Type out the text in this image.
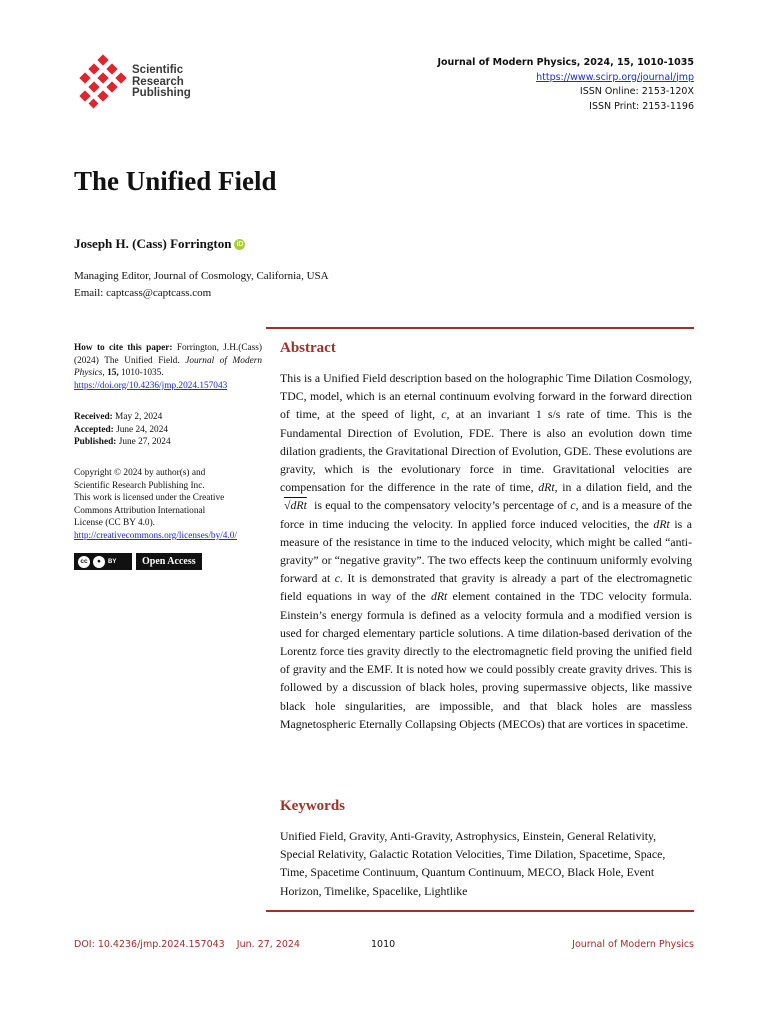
Scientific
Research
Publishing
Journal of Modern Physics, 2024, 15, 1010-1035
https://www.scirp.org/journal/jmp
ISSN Online: 2153-120X
ISSN Print: 2153-1196
The Unified Field
Joseph H. (Cass) Forrington iD
Managing Editor, Journal of Cosmology, California, USA
Email: captcass@captcass.com
How to cite this paper: Forrington, J.H.(Cass) (2024) The Unified Field. Journal of Modern Physics, 15, 1010-1035.
https://doi.org/10.4236/jmp.2024.157043
Received: May 2, 2024
Accepted: June 24, 2024
Published: June 27, 2024
Copyright © 2024 by author(s) and
Scientific Research Publishing Inc.
This work is licensed under the Creative
Commons Attribution International
License (CC BY 4.0).
http://creativecommons.org/licenses/by/4.0/
cc	●	BY	Open Access
Abstract
This is a Unified Field description based on the holographic Time Dilation Cosmology, TDC, model, which is an eternal continuum evolving forward in the forward direction of time, at the speed of light, c, at an invariant 1 s/s rate of time. This is the Fundamental Direction of Evolution, FDE. There is also an evolution down time dilation gradients, the Gravitational Direction of Evolution, GDE. These evolutions are gravity, which is the evolutionary force in time. Gravitational velocities are compensation for the difference in the rate of time, dRt, in a dilation field, and the √dRt is equal to the compensatory velocity’s percentage of c, and is a measure of the force in time inducing the velocity. In applied force induced velocities, the dRt is a measure of the resistance in time to the induced velocity, which might be called “anti-gravity” or “negative gravity”. The two effects keep the continuum uniformly evolving forward at c. It is demonstrated that gravity is already a part of the electromagnetic field equations in way of the dRt element contained in the TDC velocity formula. Einstein’s energy formula is defined as a velocity formula and a modified version is used for charged elementary particle solutions. A time dilation-based derivation of the Lorentz force ties gravity directly to the electromagnetic field proving the unified field of gravity and the EMF. It is noted how we could possibly create gravity drives. This is followed by a discussion of black holes, proving supermassive objects, like massive black hole singularities, are impossible, and that black holes are massless Magnetospheric Eternally Collapsing Objects (MECOs) that are vortices in spacetime.
Keywords
Unified Field, Gravity, Anti-Gravity, Astrophysics, Einstein, General Relativity, Special Relativity, Galactic Rotation Velocities, Time Dilation, Spacetime, Space, Time, Spacetime Continuum, Quantum Continuum, MECO, Black Hole, Event Horizon, Timelike, Spacelike, Lightlike
DOI: 10.4236/jmp.2024.157043    Jun. 27, 2024	1010	Journal of Modern Physics
